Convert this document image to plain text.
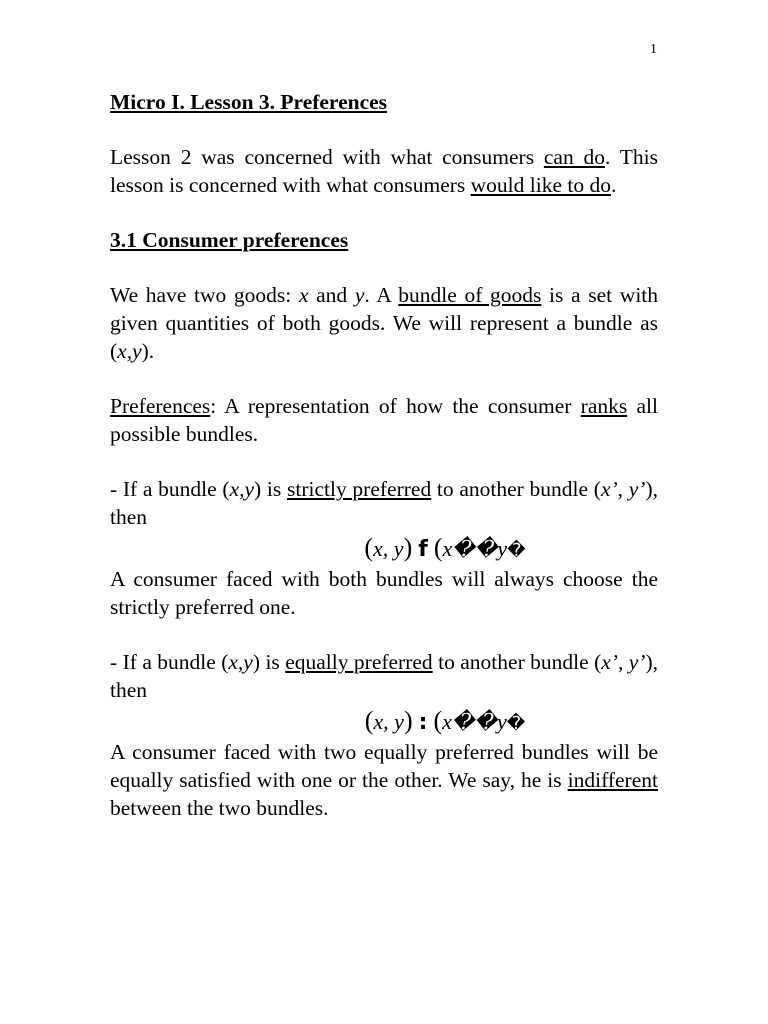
1
Micro I. Lesson 3. Preferences

Lesson 2 was concerned with what consumers can do. This lesson is concerned with what consumers would like to do.

3.1 Consumer preferences

We have two goods: x and y. A bundle of goods is a set with given quantities of both goods. We will represent a bundle as (x,y).

Preferences: A representation of how the consumer ranks all possible bundles.

- If a bundle (x,y) is strictly preferred to another bundle (x’, y’), then

(x, y) f (x��y�

A consumer faced with both bundles will always choose the strictly preferred one.

- If a bundle (x,y) is equally preferred to another bundle (x’, y’), then

(x, y) : (x��y�

A consumer faced with two equally preferred bundles will be equally satisfied with one or the other. We say, he is indifferent between the two bundles.
